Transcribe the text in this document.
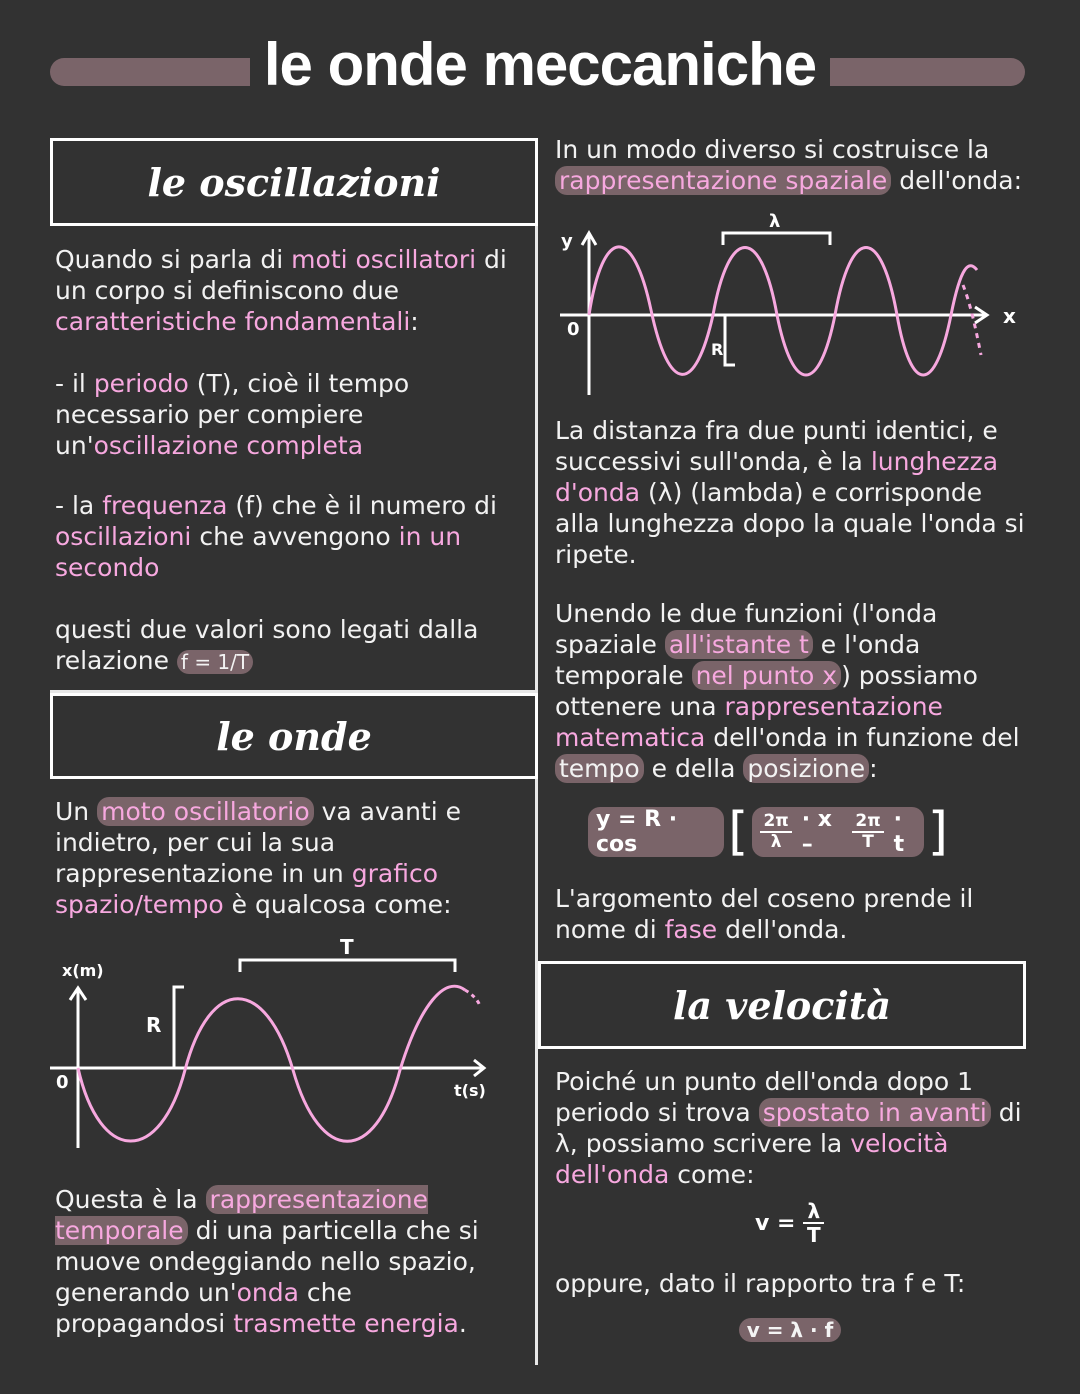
le onde meccaniche
le oscillazioni
Quando si parla di moti oscillatori di un corpo si definiscono due caratteristiche fondamentali:
- il periodo (T), cioè il tempo necessario per compiere un'oscillazione completa
- la frequenza (f) che è il numero di oscillazioni che avvengono in un secondo
questi due valori sono legati dalla relazione f = 1/T
le onde
Un moto oscillatorio va avanti e indietro, per cui la sua rappresentazione in un grafico spazio/tempo è qualcosa come:
x(m)
0	t(s)
R
T
Questa è la rappresentazione temporale di una particella che si muove ondeggiando nello spazio, generando un'onda che propagandosi trasmette energia.
In un modo diverso si costruisce la rappresentazione spaziale dell'onda:
y
x
0
R
λ
La distanza fra due punti identici, e successivi sull'onda, è la lunghezza d'onda (λ) (lambda) e corrisponde alla lunghezza dopo la quale l'onda si ripete.
Unendo le due funzioni (l'onda spaziale all'istante t e l'onda temporale nel punto x ) possiamo ottenere una rappresentazione matematica dell'onda in funzione del tempo e della posizione :
y = R · cos	[ 2π
λ
· x –
2π
T
· t ]
L'argomento del coseno prende il nome di fase dell'onda.
la velocità
Poiché un punto dell'onda dopo 1 periodo si trova spostato in avanti di λ, possiamo scrivere la velocità dell'onda come:
$v = \frac{\lambda}{T}$
oppure, dato il rapporto tra f e T:
v = λ · f
